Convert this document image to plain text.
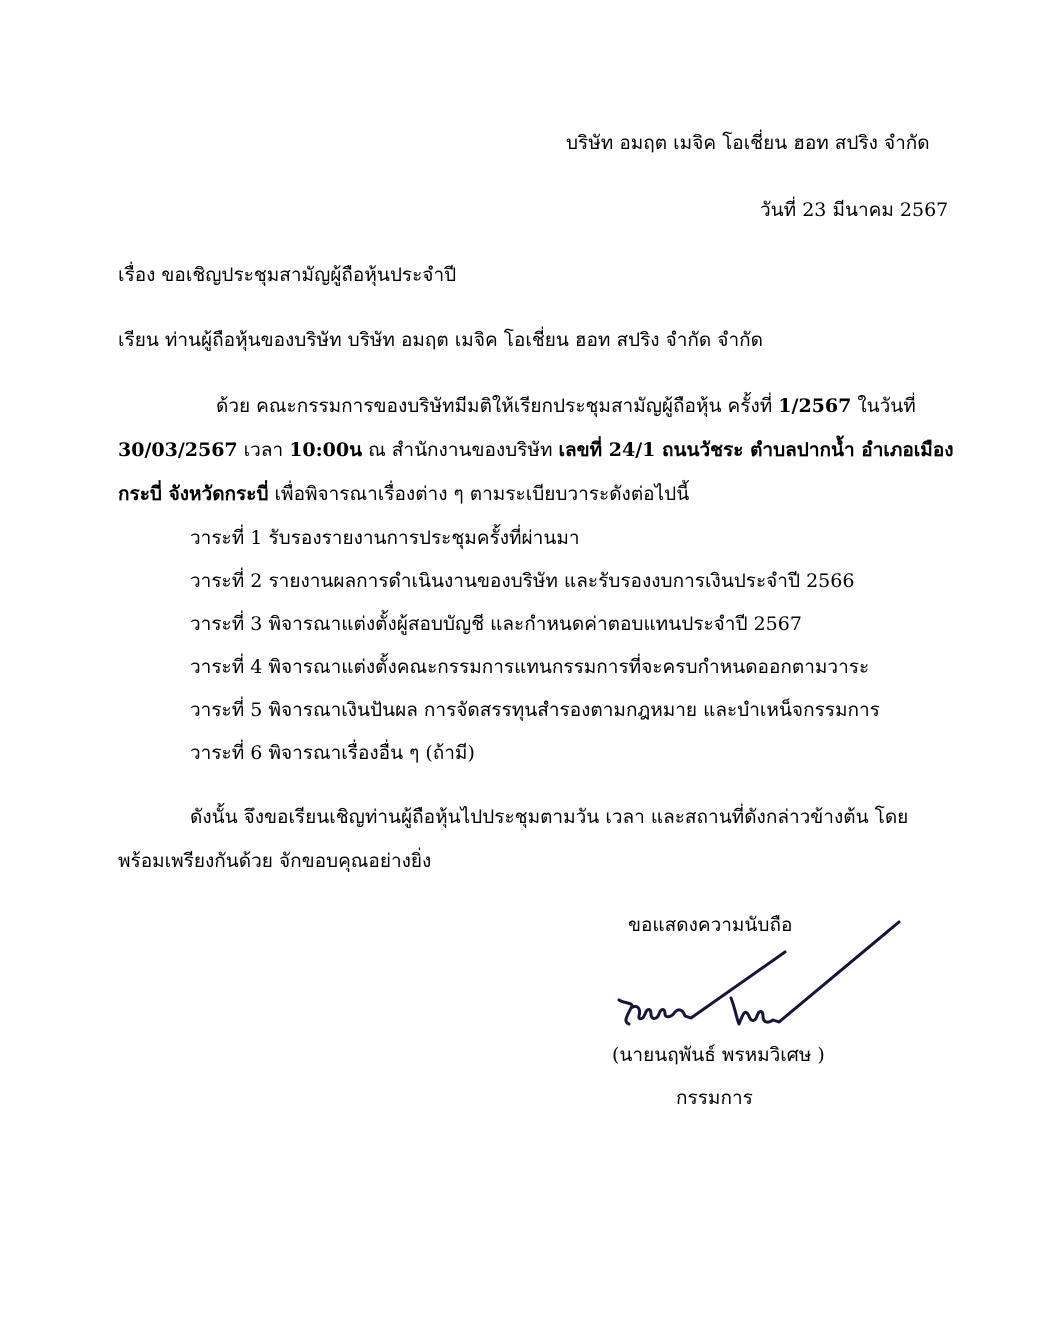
บริษัท อมฤต เมจิค โอเชี่ยน ฮอท สปริง จำกัด
วันที่ 23 มีนาคม 2567
เรื่อง ขอเชิญประชุมสามัญผู้ถือหุ้นประจำปี
เรียน ท่านผู้ถือหุ้นของบริษัท บริษัท อมฤต เมจิค โอเชี่ยน ฮอท สปริง จำกัด จำกัด
ด้วย คณะกรรมการของบริษัทมีมติให้เรียกประชุมสามัญผู้ถือหุ้น ครั้งที่ 1/2567 ในวันที่
30/03/2567 เวลา 10:00น ณ สำนักงานของบริษัท เลขที่ 24/1 ถนนวัชระ ตำบลปากน้ำ อำเภอเมือง
กระบี่ จังหวัดกระบี่ เพื่อพิจารณาเรื่องต่าง ๆ ตามระเบียบวาระดังต่อไปนี้
วาระที่ 1 รับรองรายงานการประชุมครั้งที่ผ่านมา
วาระที่ 2 รายงานผลการดำเนินงานของบริษัท และรับรองงบการเงินประจำปี 2566
วาระที่ 3 พิจารณาแต่งตั้งผู้สอบบัญชี และกำหนดค่าตอบแทนประจำปี 2567
วาระที่ 4 พิจารณาแต่งตั้งคณะกรรมการแทนกรรมการที่จะครบกำหนดออกตามวาระ
วาระที่ 5 พิจารณาเงินปันผล การจัดสรรทุนสำรองตามกฎหมาย และบำเหน็จกรรมการ
วาระที่ 6 พิจารณาเรื่องอื่น ๆ (ถ้ามี)
ดังนั้น จึงขอเรียนเชิญท่านผู้ถือหุ้นไปประชุมตามวัน เวลา และสถานที่ดังกล่าวข้างต้น โดย
พร้อมเพรียงกันด้วย จักขอบคุณอย่างยิ่ง
ขอแสดงความนับถือ
(นายนฤพันธ์ พรหมวิเศษ )
กรรมการ
